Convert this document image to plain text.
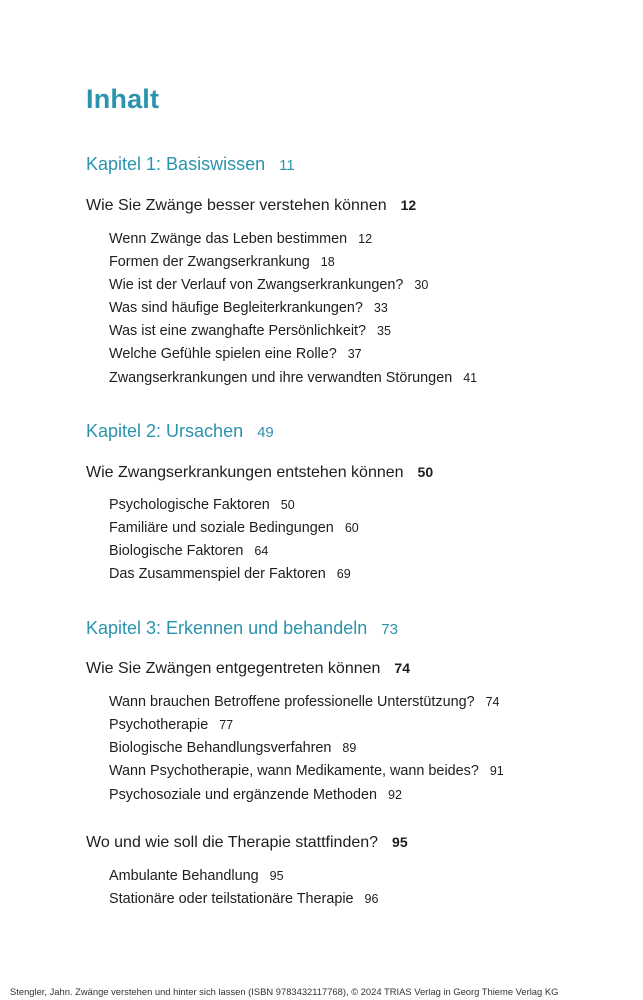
Inhalt
Kapitel 1: Basiswissen 11
Wie Sie Zwänge besser verstehen können 12
Wenn Zwänge das Leben bestimmen 12
Formen der Zwangserkrankung 18
Wie ist der Verlauf von Zwangserkrankungen? 30
Was sind häufige Begleiterkrankungen? 33
Was ist eine zwanghafte Persönlichkeit? 35
Welche Gefühle spielen eine Rolle? 37
Zwangserkrankungen und ihre verwandten Störungen 41
Kapitel 2: Ursachen 49
Wie Zwangserkrankungen entstehen können 50
Psychologische Faktoren 50
Familiäre und soziale Bedingungen 60
Biologische Faktoren 64
Das Zusammenspiel der Faktoren 69
Kapitel 3: Erkennen und behandeln 73
Wie Sie Zwängen entgegentreten können 74
Wann brauchen Betroffene professionelle Unterstützung? 74
Psychotherapie 77
Biologische Behandlungsverfahren 89
Wann Psychotherapie, wann Medikamente, wann beides? 91
Psychosoziale und ergänzende Methoden 92
Wo und wie soll die Therapie stattfinden? 95
Ambulante Behandlung 95
Stationäre oder teilstationäre Therapie 96
Stengler, Jahn. Zwänge verstehen und hinter sich lassen (ISBN 9783432117768), © 2024 TRIAS Verlag in Georg Thieme Verlag KG
